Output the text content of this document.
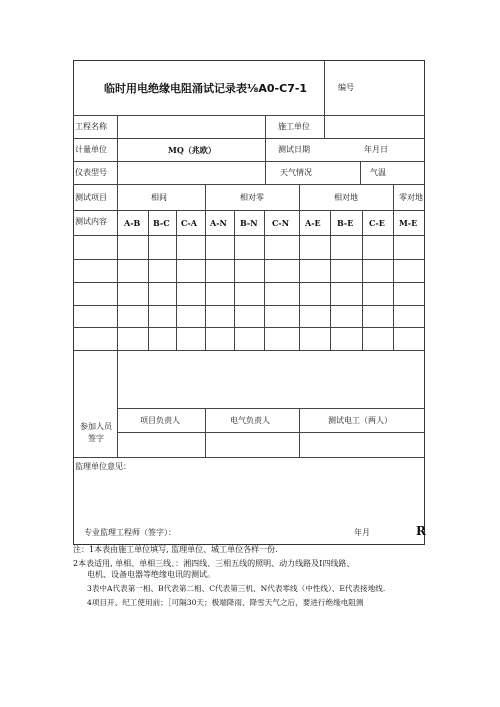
临时用电绝缘电阻涌试记录表⅛A0-C7-1	编号
工程名称	施工单位
计量单位	MQ（兆欧）	测试日期	年月日
仪表型号	天气情况	气温
测试项目	相间	相对零	相对地	零对地
测试内容 A-B B-C C-A A-N B-N C-N A-E B-E C-E M-E
参加人员签字
项目负责人	电气负责人	测试电工（两人）
监理单位意见：
专业监理工程师（签字）：	年月	R
注：1本表由施工单位填写, 监理单位、城工单位各样一份.
2本表适用, 单相、单相三线、：湘四线、三相五线的照明、动力线路及Ⅰ四线路、
电机、设备电器等绝缘电讯的测试。
3表中A代表第一相、B代表第二相、C代表第三机、N代表零线（中性线）、E代表接地线.
4项目开、纪工使用前；［可隔30天；极端降雨、降雪天气之后，要进行绝缘电阻测
